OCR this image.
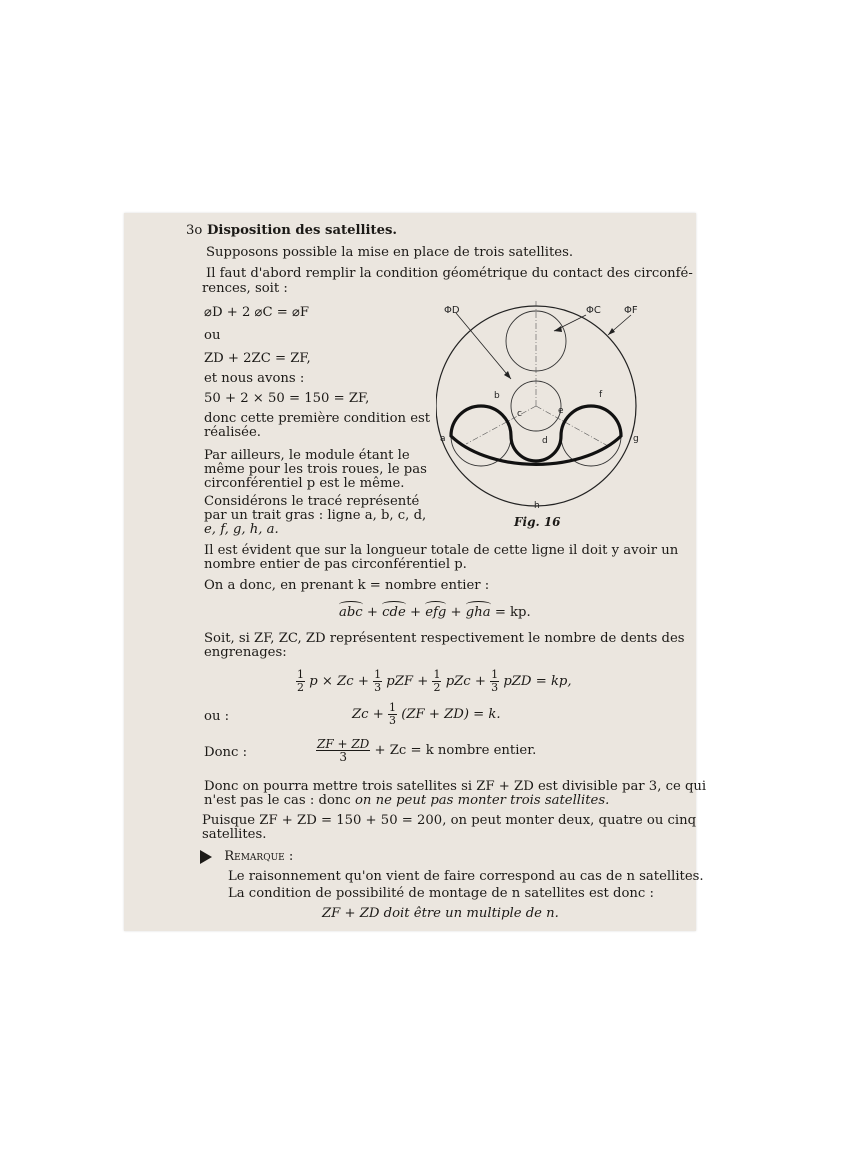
3o Disposition des satellites.
Supposons possible la mise en place de trois satellites.
Il faut d'abord remplir la condition géométrique du contact des circonfé-
rences, soit :
⌀D + 2 ⌀C = ⌀F
ou
ZD + 2ZC = ZF,
et nous avons :
50 + 2 × 50 = 150 = ZF,
donc cette première condition est
réalisée.
Par ailleurs, le module étant le
même pour les trois roues, le pas
circonférentiel p est le même.
Considérons le tracé représenté
par un trait gras : ligne a, b, c, d,
e, f, g, h, a.
ΦD	ΦC ΦF
a
b
c
d
e
f
g
h
Fig. 16
Il est évident que sur la longueur totale de cette ligne il doit y avoir un
nombre entier de pas circonférentiel p.
On a donc, en prenant k = nombre entier :
abc + cde + efg + gha = kp.
Soit, si ZF, ZC, ZD représentent respectivement le nombre de dents des
engrenages:
$\frac{1}{2}$ $p \times Zc + \frac{1}{3}$ pZF + $\frac{1}{2}$ pZc + $\frac{1}{3}$ pZD = kp,
ou :	$Zc + \frac{1}{3} (ZF + ZD) = k$.
Donc :	$\frac{ZF + ZD}{3} + Zc = k$ nombre entier.
Donc on pourra mettre trois satellites si ZF + ZD est divisible par 3, ce qui
n'est pas le cas : donc on ne peut pas monter trois satellites.
Puisque ZF + ZD = 150 + 50 = 200, on peut monter deux, quatre ou cinq
satellites.
Remarque :
Le raisonnement qu'on vient de faire correspond au cas de n satellites.
La condition de possibilité de montage de n satellites est donc :
ZF + ZD doit être un multiple de n.
